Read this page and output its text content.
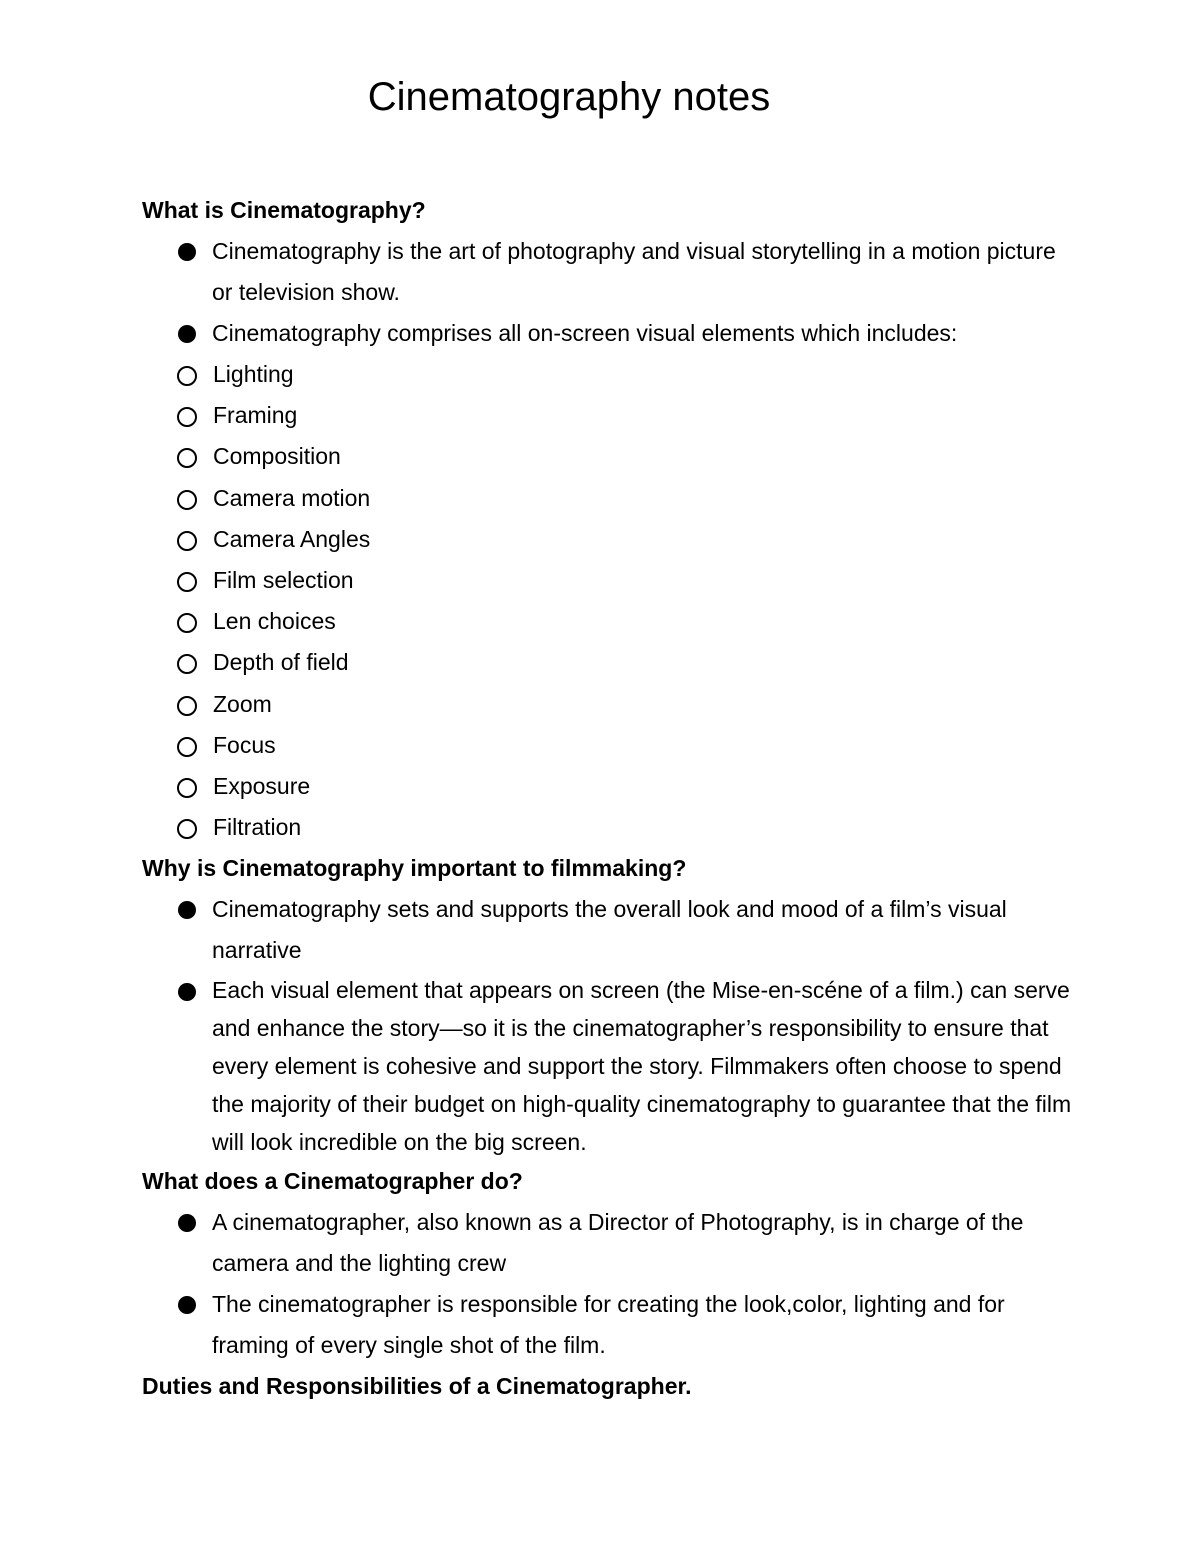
Cinematography notes

What is Cinematography?

Cinematography is the art of photography and visual storytelling in a motion picture or television show.
Cinematography comprises all on-screen visual elements which includes:
Lighting
Framing
Composition
Camera motion
Camera Angles
Film selection
Len choices
Depth of field
Zoom
Focus
Exposure
Filtration

Why is Cinematography important to filmmaking?

Cinematography sets and supports the overall look and mood of a film’s visual narrative
Each visual element that appears on screen (the Mise-en-scéne of a film.) can serve and enhance the story—so it is the cinematographer’s responsibility to ensure that every element is cohesive and support the story. Filmmakers often choose to spend the majority of their budget on high-quality cinematography to guarantee that the film will look incredible on the big screen.

What does a Cinematographer do?

A cinematographer, also known as a Director of Photography, is in charge of the camera and the lighting crew
The cinematographer is responsible for creating the look,color, lighting and for framing of every single shot of the film.

Duties and Responsibilities of a Cinematographer.
